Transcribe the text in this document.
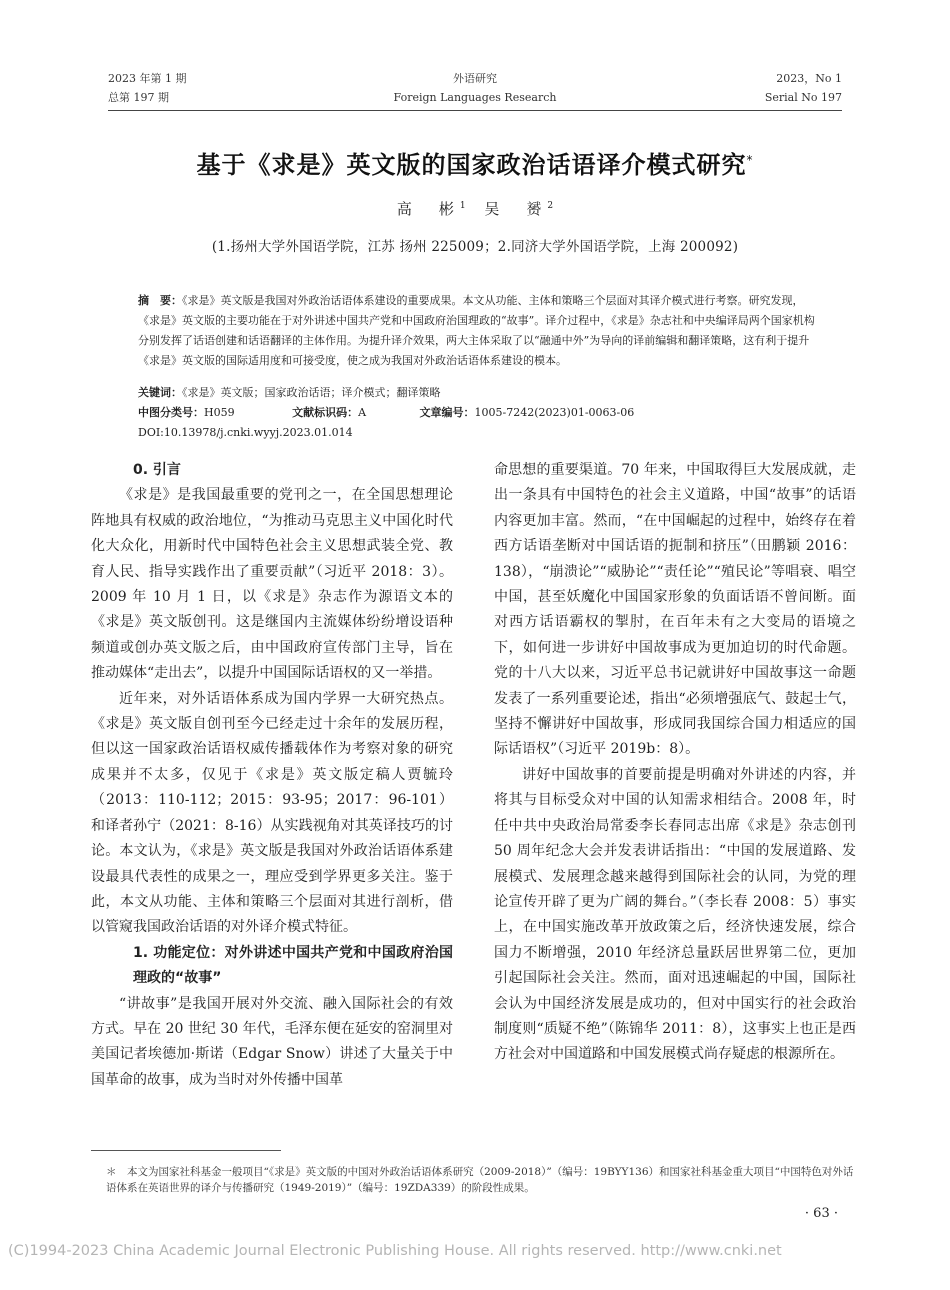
2023 年第 1 期
总第 197 期
外语研究
Foreign Languages Research
2023，No 1
Serial No 197
基于《求是》英文版的国家政治话语译介模式研究*
高　彬$^1$ 吴　赟$^2$
(1.扬州大学外国语学院，江苏 扬州 225009；2.同济大学外国语学院，上海 200092)
摘　要：《求是》英文版是我国对外政治话语体系建设的重要成果。本文从功能、主体和策略三个层面对其译介模式进行考察。研究发现，《求是》英文版的主要功能在于对外讲述中国共产党和中国政府治国理政的“故事”。译介过程中，《求是》杂志社和中央编译局两个国家机构分别发挥了话语创建和话语翻译的主体作用。为提升译介效果，两大主体采取了以“融通中外”为导向的译前编辑和翻译策略，这有利于提升《求是》英文版的国际适用度和可接受度，使之成为我国对外政治话语体系建设的模本。
关键词：《求是》英文版；国家政治话语；译介模式；翻译策略
中图分类号：H059	文献标识码：A	文章编号：1005-7242(2023)01-0063-06
DOI:10.13978/j.cnki.wyyj.2023.01.014
0. 引言

《求是》是我国最重要的党刊之一，在全国思想理论阵地具有权威的政治地位，“为推动马克思主义中国化时代化大众化，用新时代中国特色社会主义思想武装全党、教育人民、指导实践作出了重要贡献”（习近平 2018：3）。2009 年 10 月 1 日，以《求是》杂志作为源语文本的《求是》英文版创刊。这是继国内主流媒体纷纷增设语种频道或创办英文版之后，由中国政府宣传部门主导，旨在推动媒体“走出去”，以提升中国国际话语权的又一举措。

近年来，对外话语体系成为国内学界一大研究热点。《求是》英文版自创刊至今已经走过十余年的发展历程，但以这一国家政治话语权威传播载体作为考察对象的研究成果并不太多，仅见于《求是》英文版定稿人贾毓玲（2013：110-112；2015：93-95；2017：96-101）和译者孙宁（2021：8-16）从实践视角对其英译技巧的讨论。本文认为，《求是》英文版是我国对外政治话语体系建设最具代表性的成果之一，理应受到学界更多关注。鉴于此，本文从功能、主体和策略三个层面对其进行剖析，借以管窥我国政治话语的对外译介模式特征。

1. 功能定位：对外讲述中国共产党和中国政府治国理政的“故事”

“讲故事”是我国开展对外交流、融入国际社会的有效方式。早在 20 世纪 30 年代，毛泽东便在延安的窑洞里对美国记者埃德加·斯诺（Edgar Snow）讲述了大量关于中国革命的故事，成为当时对外传播中国革

命思想的重要渠道。70 年来，中国取得巨大发展成就，走出一条具有中国特色的社会主义道路，中国“故事”的话语内容更加丰富。然而，“在中国崛起的过程中，始终存在着西方话语垄断对中国话语的扼制和挤压”（田鹏颖 2016：138），“崩溃论”“威胁论”“责任论”“殖民论”等唱衰、唱空中国，甚至妖魔化中国国家形象的负面话语不曾间断。面对西方话语霸权的掣肘，在百年未有之大变局的语境之下，如何进一步讲好中国故事成为更加迫切的时代命题。党的十八大以来，习近平总书记就讲好中国故事这一命题发表了一系列重要论述，指出“必须增强底气、鼓起士气，坚持不懈讲好中国故事，形成同我国综合国力相适应的国际话语权”（习近平 2019b：8）。

讲好中国故事的首要前提是明确对外讲述的内容，并将其与目标受众对中国的认知需求相结合。2008 年，时任中共中央政治局常委李长春同志出席《求是》杂志创刊 50 周年纪念大会并发表讲话指出：“中国的发展道路、发展模式、发展理念越来越得到国际社会的认同，为党的理论宣传开辟了更为广阔的舞台。”（李长春 2008：5）事实上，在中国实施改革开放政策之后，经济快速发展，综合国力不断增强，2010 年经济总量跃居世界第二位，更加引起国际社会关注。然而，面对迅速崛起的中国，国际社会认为中国经济发展是成功的，但对中国实行的社会政治制度则“质疑不绝”（陈锦华 2011：8），这事实上也正是西方社会对中国道路和中国发展模式尚存疑虑的根源所在。

＊　本文为国家社科基金一般项目“《求是》英文版的中国对外政治话语体系研究（2009-2018）”（编号：19BYY136）和国家社科基金重大项目“中国特色对外话语体系在英语世界的译介与传播研究（1949-2019）”（编号：19ZDA339）的阶段性成果。
· 63 ·
(C)1994-2023 China Academic Journal Electronic Publishing House. All rights reserved. http://www.cnki.net
